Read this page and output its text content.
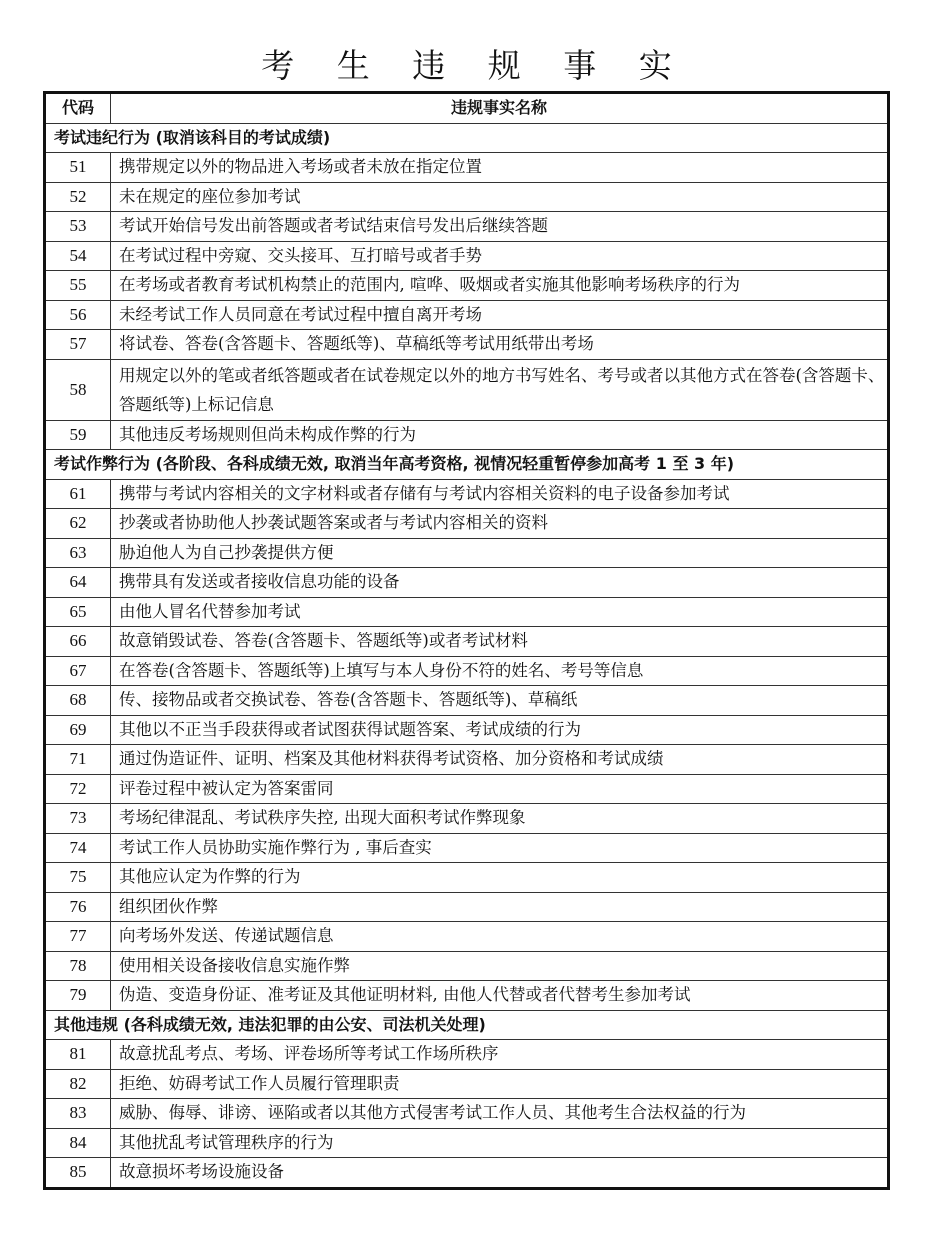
考 生 违 规 事 实
代码	违规事实名称
考试违纪行为 (取消该科目的考试成绩)	
51	携带规定以外的物品进入考场或者未放在指定位置
52	未在规定的座位参加考试
53	考试开始信号发出前答题或者考试结束信号发出后继续答题
54	在考试过程中旁窥、交头接耳、互打暗号或者手势
55	在考场或者教育考试机构禁止的范围内, 喧哗、吸烟或者实施其他影响考场秩序的行为
56	未经考试工作人员同意在考试过程中擅自离开考场
57	将试卷、答卷(含答题卡、答题纸等)、草稿纸等考试用纸带出考场
58	用规定以外的笔或者纸答题或者在试卷规定以外的地方书写姓名、考号或者以其他方式在答卷(含答题卡、答题纸等)上标记信息
59	其他违反考场规则但尚未构成作弊的行为
考试作弊行为 (各阶段、各科成绩无效, 取消当年高考资格, 视情况轻重暂停参加高考 1 至 3 年)	
61	携带与考试内容相关的文字材料或者存储有与考试内容相关资料的电子设备参加考试
62	抄袭或者协助他人抄袭试题答案或者与考试内容相关的资料
63	胁迫他人为自己抄袭提供方便
64	携带具有发送或者接收信息功能的设备
65	由他人冒名代替参加考试
66	故意销毁试卷、答卷(含答题卡、答题纸等)或者考试材料
67	在答卷(含答题卡、答题纸等)上填写与本人身份不符的姓名、考号等信息
68	传、接物品或者交换试卷、答卷(含答题卡、答题纸等)、草稿纸
69	其他以不正当手段获得或者试图获得试题答案、考试成绩的行为
71	通过伪造证件、证明、档案及其他材料获得考试资格、加分资格和考试成绩
72	评卷过程中被认定为答案雷同
73	考场纪律混乱、考试秩序失控, 出现大面积考试作弊现象
74	考试工作人员协助实施作弊行为 , 事后查实
75	其他应认定为作弊的行为
76	组织团伙作弊
77	向考场外发送、传递试题信息
78	使用相关设备接收信息实施作弊
79	伪造、变造身份证、准考证及其他证明材料, 由他人代替或者代替考生参加考试
其他违规 (各科成绩无效, 违法犯罪的由公安、司法机关处理)	
81	故意扰乱考点、考场、评卷场所等考试工作场所秩序
82	拒绝、妨碍考试工作人员履行管理职责
83	威胁、侮辱、诽谤、诬陷或者以其他方式侵害考试工作人员、其他考生合法权益的行为
84	其他扰乱考试管理秩序的行为
85	故意损坏考场设施设备
